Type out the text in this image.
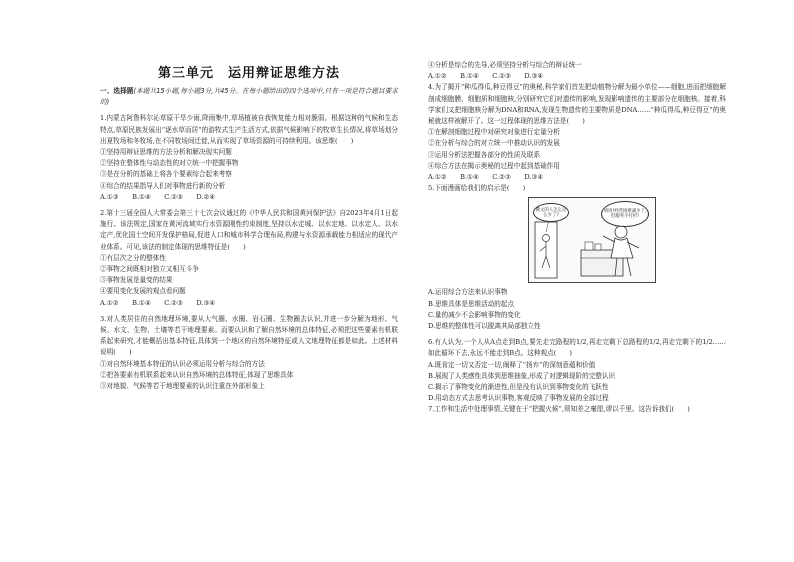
第三单元　运用辩证思维方法

一、选择题(本题共15小题,每小题3分,共45分。在每小题给出的四个选项中,只有一项是符合题目要求的)

1.内蒙古阿鲁科尔沁草原干旱少雨,降雨集中,草场植被自我恢复能力相对脆弱。根据这种的气候和生态特点,草原民族发展出“逐水草而居”的游牧式生产生活方式,依据气候影响下的牧草生长情况,将草场划分出夏牧场和冬牧场,在不同牧场间迁徙,从而实现了草场资源的可持续利用。该思维(　　)

①坚持用辩证思维的方法分析和解决现实问题

②坚持在整体性与动态性的对立统一中把握事物

③是在分析的基础上将各个要素综合起来考察

④综合的结果指导人们对事物进行新的分析

A.①③ B.①④ C.②③ D.②④

2.第十三届全国人大常委会第三十七次会议通过的《中华人民共和国黄河保护法》自2023年4月1日起施行。该法规定,国家在黄河流域实行水资源刚性约束制度,坚持以水定城、以水定地、以水定人、以水定产,优化国土空间开发保护格局,促进人口和城市科学合理布局,构建与水资源承载能力相适应的现代产业体系。可见,该法的制定体现的思维特征是(　　)

①有层次之分的整体性

②事物之间既相对独立又相互斗争

③事物发展是量变的结果

④要用变化发展的观点看问题

A.①② B.①④ C.②③ D.③④

3.对人类居住的自然地理环境,要从大气圈、水圈、岩石圈、生物圈去认识,并进一步分解为地形、气候、水文、生物、土壤等若干地理要素。而要认识和了解自然环境的总体特征,必须把这些要素有机联系起来研究,才能概括出基本特征,具体到一个地区的自然环境特征或人文地理特征都是如此。上述材料说明(　　)

①对自然环境基本特征的认识必须运用分析与综合的方法

②把各要素有机联系起来认识自然环境的总体特征,体现了思维具体

③对地貌、气候等若干地理要素的认识注重在外部形象上

④分析是综合的先导,必须坚持分析与综合的辩证统一

A.①② B.①④ C.②③ D.③④

4.为了揭开“种瓜得瓜,种豆得豆”的奥秘,科学家们首先把动植物分解为最小单位——细胞,进而把细胞解剖成细胞膜、细胞质和细胞核,分别研究它们对遗传的影响,发现影响遗传的主要部分在细胞核。接着,科学家们又把细胞核分解为DNA和RNA,发现生物遗传的主要物质是DNA……“种瓜得瓜,种豆得豆”的奥秘就这样被解开了。这一过程体现的思维方法是(　　)

①在解剖细胞过程中对研究对象进行定量分析

②在分析与综合的对立统一中推动认识的发展

③运用分析法把握各部分的性质及联系

④综合方法在揭示奥秘的过程中起到基础作用

A.①② B.①④ C.②③ D.③④

5.下面漫画给我们的启示是(　　)

俄文的人怎么这么少了?
请进!经营困难减少了,但服务不打折!

A.运用综合方法来认识事物

B.思维具体是思维活动的起点

C.量的减少不会影响事物的变化

D.思维的整体性可以脱离其局部独立性

6.有人认为,一个人从A点走到B点,要先走完路程的1/2,再走完剩下总路程的1/2,再走完剩下的1/2……如此循环下去,永远不能走到B点。这种观点(　　)

A.既肯定一切又否定一切,阐释了“扬弃”的深刻意蕴和价值

B.展现了人类感性具体到思维抽象,形成了对逻辑现阶的完整认识

C.揭示了事物变化的渐进性,但是没有认识到事物变化的飞跃性

D.用动态方式去思考认识事物,客观反映了事物发展的全部过程

7.工作和生活中处理事情,关键在于“把握火候”,须知差之毫厘,谬以千里。这告诉我们(　　)
